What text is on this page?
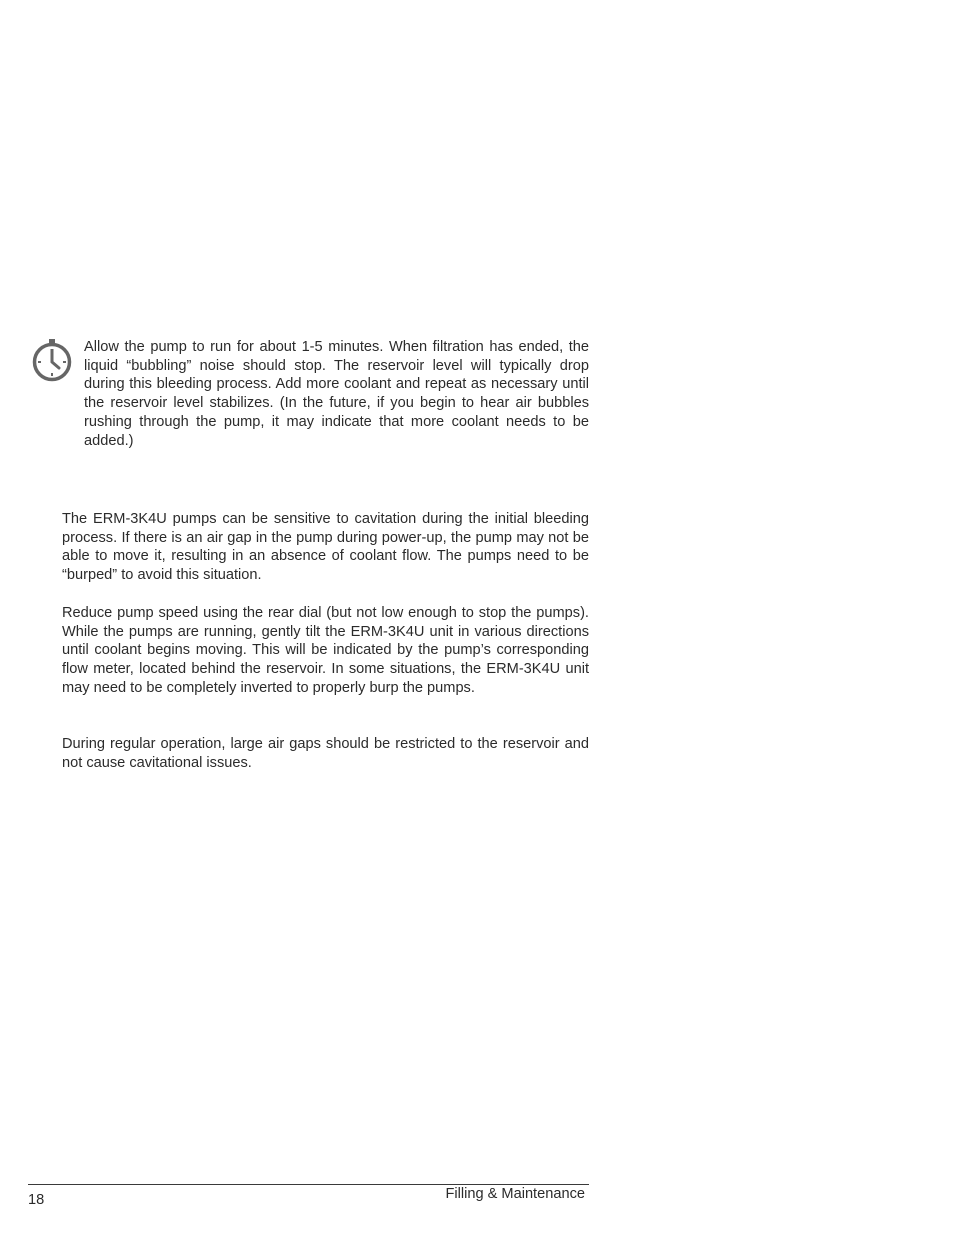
Allow the pump to run for about 1-5 minutes. When filtration has ended, the liquid “bubbling” noise should stop. The reservoir level will typically drop during this bleeding process. Add more coolant and repeat as necessary until the reservoir level stabilizes. (In the future, if you begin to hear air bubbles rushing through the pump, it may indicate that more coolant needs to be added.)

The ERM-3K4U pumps can be sensitive to cavitation during the initial bleeding process. If there is an air gap in the pump during power-up, the pump may not be able to move it, resulting in an absence of coolant flow. The pumps need to be “burped” to avoid this situation.

Reduce pump speed using the rear dial (but not low enough to stop the pumps). While the pumps are running, gently tilt the ERM-3K4U unit in various directions until coolant begins moving. This will be indicated by the pump’s corresponding flow meter, located behind the reservoir. In some situations, the ERM-3K4U unit may need to be completely inverted to properly burp the pumps.

During regular operation, large air gaps should be restricted to the reservoir and not cause cavitational issues.

18	Filling & Maintenance
